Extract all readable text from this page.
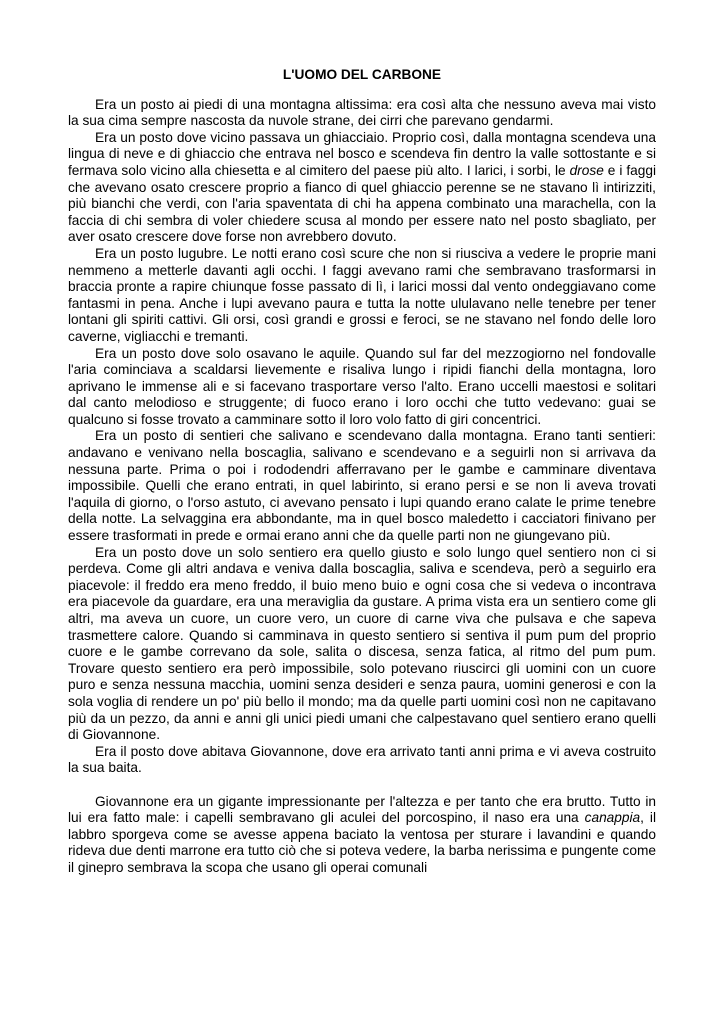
L'UOMO DEL CARBONE

Era un posto ai piedi di una montagna altissima: era così alta che nessuno aveva mai visto la sua cima sempre nascosta da nuvole strane, dei cirri che parevano gendarmi.

Era un posto dove vicino passava un ghiacciaio. Proprio così, dalla montagna scendeva una lingua di neve e di ghiaccio che entrava nel bosco e scendeva fin dentro la valle sottostante e si fermava solo vicino alla chiesetta e al cimitero del paese più alto. I larici, i sorbi, le drose e i faggi che avevano osato crescere proprio a fianco di quel ghiaccio perenne se ne stavano lì intirizziti, più bianchi che verdi, con l'aria spaventata di chi ha appena combinato una marachella, con la faccia di chi sembra di voler chiedere scusa al mondo per essere nato nel posto sbagliato, per aver osato crescere dove forse non avrebbero dovuto.

Era un posto lugubre. Le notti erano così scure che non si riusciva a vedere le proprie mani nemmeno a metterle davanti agli occhi. I faggi avevano rami che sembravano trasformarsi in braccia pronte a rapire chiunque fosse passato di lì, i larici mossi dal vento ondeggiavano come fantasmi in pena. Anche i lupi avevano paura e tutta la notte ululavano nelle tenebre per tener lontani gli spiriti cattivi. Gli orsi, così grandi e grossi e feroci, se ne stavano nel fondo delle loro caverne, vigliacchi e tremanti.

Era un posto dove solo osavano le aquile. Quando sul far del mezzogiorno nel fondovalle l'aria cominciava a scaldarsi lievemente e risaliva lungo i ripidi fianchi della montagna, loro aprivano le immense ali e si facevano trasportare verso l'alto. Erano uccelli maestosi e solitari dal canto melodioso e struggente; di fuoco erano i loro occhi che tutto vedevano: guai se qualcuno si fosse trovato a camminare sotto il loro volo fatto di giri concentrici.

Era un posto di sentieri che salivano e scendevano dalla montagna. Erano tanti sentieri: andavano e venivano nella boscaglia, salivano e scendevano e a seguirli non si arrivava da nessuna parte. Prima o poi i rododendri afferravano per le gambe e camminare diventava impossibile. Quelli che erano entrati, in quel labirinto, si erano persi e se non li aveva trovati l'aquila di giorno, o l'orso astuto, ci avevano pensato i lupi quando erano calate le prime tenebre della notte. La selvaggina era abbondante, ma in quel bosco maledetto i cacciatori finivano per essere trasformati in prede e ormai erano anni che da quelle parti non ne giungevano più.

Era un posto dove un solo sentiero era quello giusto e solo lungo quel sentiero non ci si perdeva. Come gli altri andava e veniva dalla boscaglia, saliva e scendeva, però a seguirlo era piacevole: il freddo era meno freddo, il buio meno buio e ogni cosa che si vedeva o incontrava era piacevole da guardare, era una meraviglia da gustare. A prima vista era un sentiero come gli altri, ma aveva un cuore, un cuore vero, un cuore di carne viva che pulsava e che sapeva trasmettere calore. Quando si camminava in questo sentiero si sentiva il pum pum del proprio cuore e le gambe correvano da sole, salita o discesa, senza fatica, al ritmo del pum pum. Trovare questo sentiero era però impossibile, solo potevano riuscirci gli uomini con un cuore puro e senza nessuna macchia, uomini senza desideri e senza paura, uomini generosi e con la sola voglia di rendere un po' più bello il mondo; ma da quelle parti uomini così non ne capitavano più da un pezzo, da anni e anni gli unici piedi umani che calpestavano quel sentiero erano quelli di Giovannone.

Era il posto dove abitava Giovannone, dove era arrivato tanti anni prima e vi aveva costruito la sua baita.

Giovannone era un gigante impressionante per l'altezza e per tanto che era brutto. Tutto in lui era fatto male: i capelli sembravano gli aculei del porcospino, il naso era una canappia, il labbro sporgeva come se avesse appena baciato la ventosa per sturare i lavandini e quando rideva due denti marrone era tutto ciò che si poteva vedere, la barba nerissima e pungente come il ginepro sembrava la scopa che usano gli operai comunali
